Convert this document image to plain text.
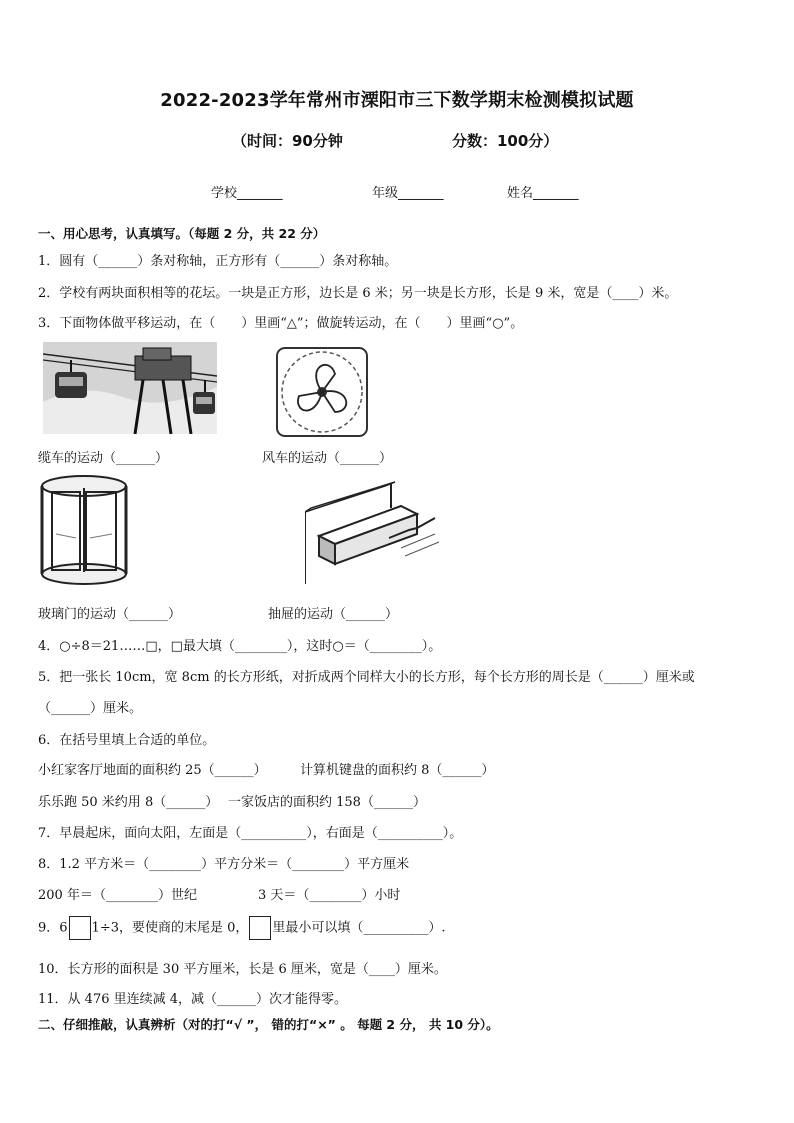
2022-2023学年常州市溧阳市三下数学期末检测模拟试题
（时间：90分钟	分数：100分）
学校_______	年级_______	姓名_______
一、用心思考，认真填写。（每题 2 分，共 22 分）
1．圆有（______）条对称轴，正方形有（______）条对称轴。
2．学校有两块面积相等的花坛。一块是正方形，边长是 6 米；另一块是长方形，长是 9 米，宽是（____）米。
3．下面物体做平移运动，在（　　）里画“△”；做旋转运动，在（　　）里画“○”。
缆车的运动（______）	风车的运动（______）
玻璃门的运动（______）	抽屉的运动（______）
4．○÷8＝21……□，□最大填（________），这时○＝（________）。
5．把一张长 10cm，宽 8cm 的长方形纸，对折成两个同样大小的长方形，每个长方形的周长是（______）厘米或
（______）厘米。
6．在括号里填上合适的单位。
小红家客厅地面的面积约 25（______）	计算机键盘的面积约 8（______）
乐乐跑 50 米约用 8（______） 一家饭店的面积约 158（______）
7．早晨起床，面向太阳，左面是（__________），右面是（__________）。
8．1.2 平方米＝（________）平方分米＝（________）平方厘米
200 年＝（________）世纪	3 天＝（________）小时
9．6 1÷3，要使商的末尾是 0， 里最小可以填（__________）.
10．长方形的面积是 30 平方厘米，长是 6 厘米，宽是（____）厘米。
11．从 476 里连续减 4，减（______）次才能得零。
二、仔细推敲，认真辨析（对的打“√ ”， 错的打“×” 。 每题 2 分， 共 10 分）。
